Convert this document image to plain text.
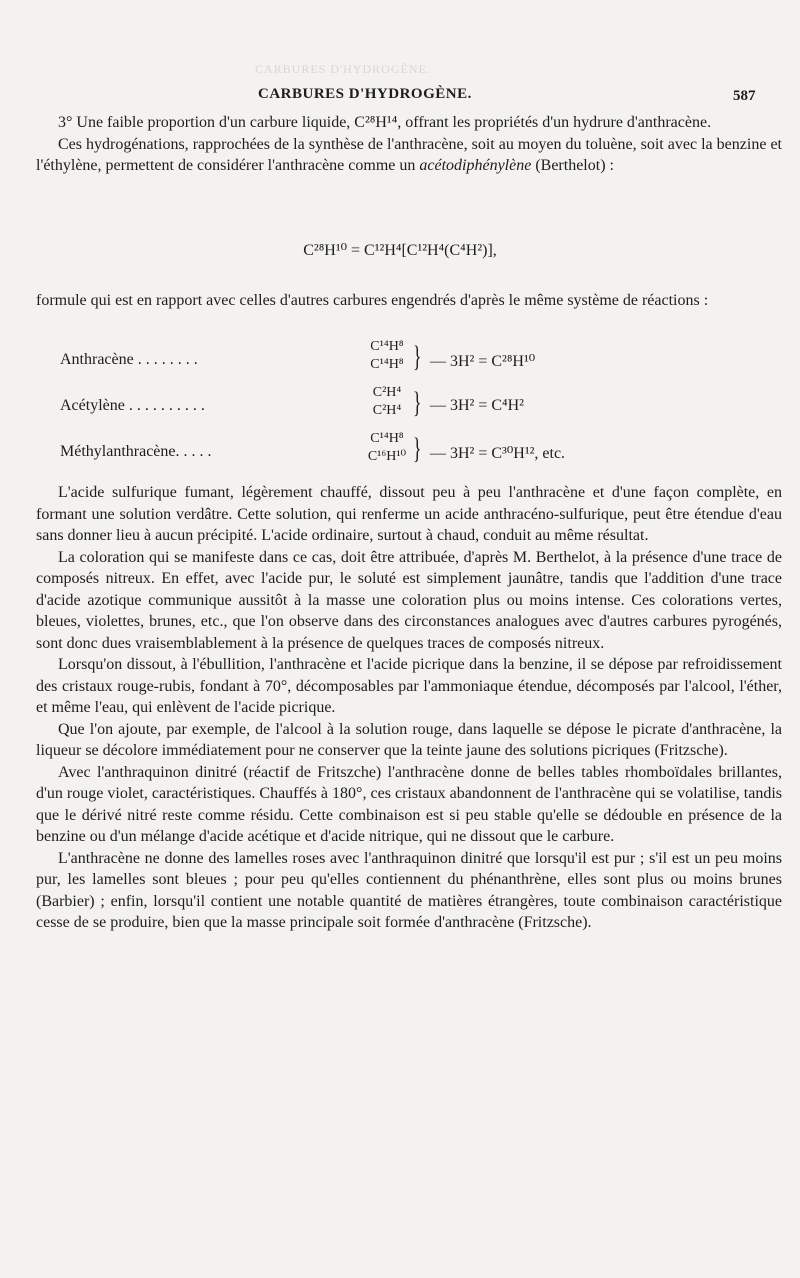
CARBURES D'HYDROGÈNE.
CARBURES D'HYDROGÈNE.	587

3° Une faible proportion d'un carbure liquide, C²⁸H¹⁴, offrant les propriétés d'un hydrure d'anthracène.

Ces hydrogénations, rapprochées de la synthèse de l'anthracène, soit au moyen du toluène, soit avec la benzine et l'éthylène, permettent de considérer l'anthracène comme un acétodiphénylène (Berthelot) :

C²⁸H¹⁰ = C¹²H⁴[C¹²H⁴(C⁴H²)],

formule qui est en rapport avec celles d'autres carbures engendrés d'après le même système de réactions :

Anthracène . . . . . . . .
C¹⁴H⁸
C¹⁴H⁸ } — 3H² = C²⁸H¹⁰
Acétylène . . . . . . . . . .
C²H⁴
C²H⁴ } — 3H² = C⁴H²
Méthylanthracène. . . . .
C¹⁴H⁸
C¹⁶H¹⁰ } — 3H² = C³⁰H¹², etc.

L'acide sulfurique fumant, légèrement chauffé, dissout peu à peu l'anthracène et d'une façon complète, en formant une solution verdâtre. Cette solution, qui renferme un acide anthracéno-sulfurique, peut être étendue d'eau sans donner lieu à aucun précipité. L'acide ordinaire, surtout à chaud, conduit au même résultat.

La coloration qui se manifeste dans ce cas, doit être attribuée, d'après M. Berthelot, à la présence d'une trace de composés nitreux. En effet, avec l'acide pur, le soluté est simplement jaunâtre, tandis que l'addition d'une trace d'acide azotique communique aussitôt à la masse une coloration plus ou moins intense. Ces colorations vertes, bleues, violettes, brunes, etc., que l'on observe dans des circonstances analogues avec d'autres carbures pyrogénés, sont donc dues vraisemblablement à la présence de quelques traces de composés nitreux.

Lorsqu'on dissout, à l'ébullition, l'anthracène et l'acide picrique dans la benzine, il se dépose par refroidissement des cristaux rouge-rubis, fondant à 70°, décomposables par l'ammoniaque étendue, décomposés par l'alcool, l'éther, et même l'eau, qui enlèvent de l'acide picrique.

Que l'on ajoute, par exemple, de l'alcool à la solution rouge, dans laquelle se dépose le picrate d'anthracène, la liqueur se décolore immédiatement pour ne conserver que la teinte jaune des solutions picriques (Fritzsche).

Avec l'anthraquinon dinitré (réactif de Fritszche) l'anthracène donne de belles tables rhomboïdales brillantes, d'un rouge violet, caractéristiques. Chauffés à 180°, ces cristaux abandonnent de l'anthracène qui se volatilise, tandis que le dérivé nitré reste comme résidu. Cette combinaison est si peu stable qu'elle se dédouble en présence de la benzine ou d'un mélange d'acide acétique et d'acide nitrique, qui ne dissout que le carbure.

L'anthracène ne donne des lamelles roses avec l'anthraquinon dinitré que lorsqu'il est pur ; s'il est un peu moins pur, les lamelles sont bleues ; pour peu qu'elles contiennent du phénanthrène, elles sont plus ou moins brunes (Barbier) ; enfin, lorsqu'il contient une notable quantité de matières étrangères, toute combinaison caractéristique cesse de se produire, bien que la masse principale soit formée d'anthracène (Fritzsche).
